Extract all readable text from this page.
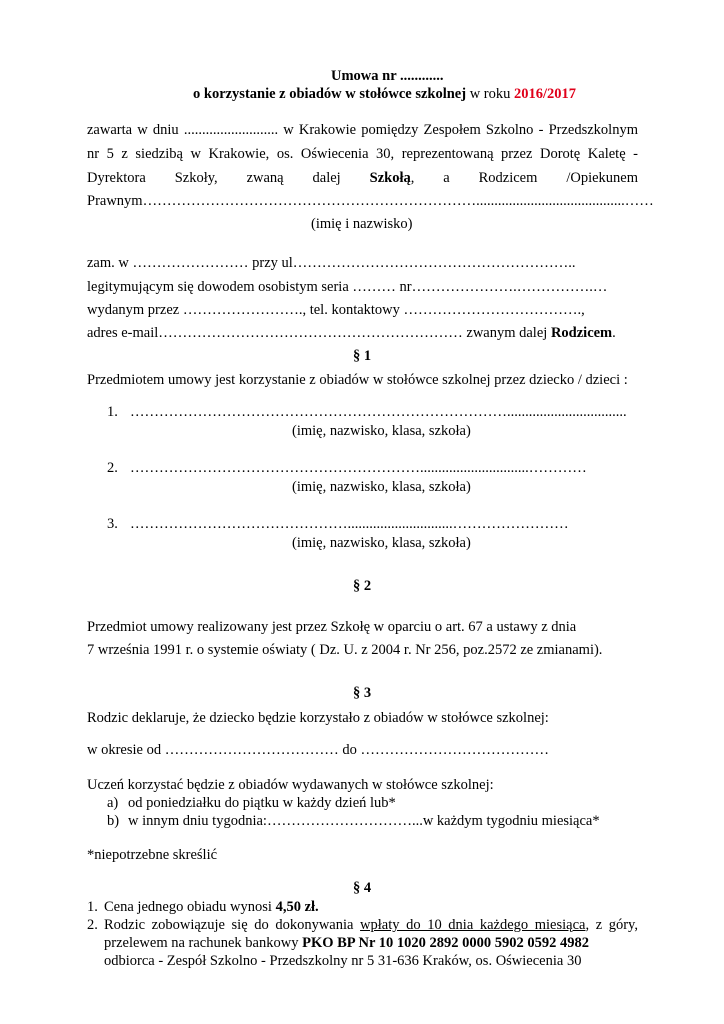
Umowa nr ............
o korzystanie z obiadów w stołówce szkolnej w roku 2016/2017
zawarta w dniu .......................... w Krakowie pomiędzy Zespołem Szkolno - Przedszkolnym
nr 5 z siedzibą w Krakowie, os. Oświecenia 30, reprezentowaną przez Dorotę Kaletę -
Dyrektora Szkoły, zwaną dalej Szkołą, a Rodzicem /Opiekunem
Prawnym…………………………………………………………….........................................……
(imię i nazwisko)
zam. w …………………… przy ul…………………………………………………..
legitymującym się dowodem osobistym seria ……… nr………………….…………….…
wydanym przez ……………………., tel. kontaktowy ……………………………….,
adres e-mail……………………………………………………… zwanym dalej Rodzicem.
§ 1
Przedmiotem umowy jest korzystanie z obiadów w stołówce szkolnej przez dziecko / dzieci :
1. …………………………………………………………………….................................
(imię, nazwisko, klasa, szkoła)
2. ……………………………………………………..............................…………
(imię, nazwisko, klasa, szkoła)
3. ……………………………………….............................……………………
(imię, nazwisko, klasa, szkoła)
§ 2
Przedmiot umowy realizowany jest przez Szkołę w oparciu o art. 67 a ustawy z dnia
7 września 1991 r. o systemie oświaty ( Dz. U. z 2004 r. Nr 256, poz.2572 ze zmianami).
§ 3
Rodzic deklaruje, że dziecko będzie korzystało z obiadów w stołówce szkolnej:
w okresie od ……………………………… do …………………………………
Uczeń korzystać będzie z obiadów wydawanych w stołówce szkolnej:
a) od poniedziałku do piątku w każdy dzień lub*
b) w innym dniu tygodnia:…………………………...w każdym tygodniu miesiąca*
*niepotrzebne skreślić
§ 4
1. Cena jednego obiadu wynosi 4,50 zł.
2. Rodzic zobowiązuje się do dokonywania wpłaty do 10 dnia każdego miesiąca, z góry,
przelewem na rachunek bankowy PKO BP Nr 10 1020 2892 0000 5902 0592 4982
odbiorca - Zespół Szkolno - Przedszkolny nr 5 31-636 Kraków, os. Oświecenia 30
